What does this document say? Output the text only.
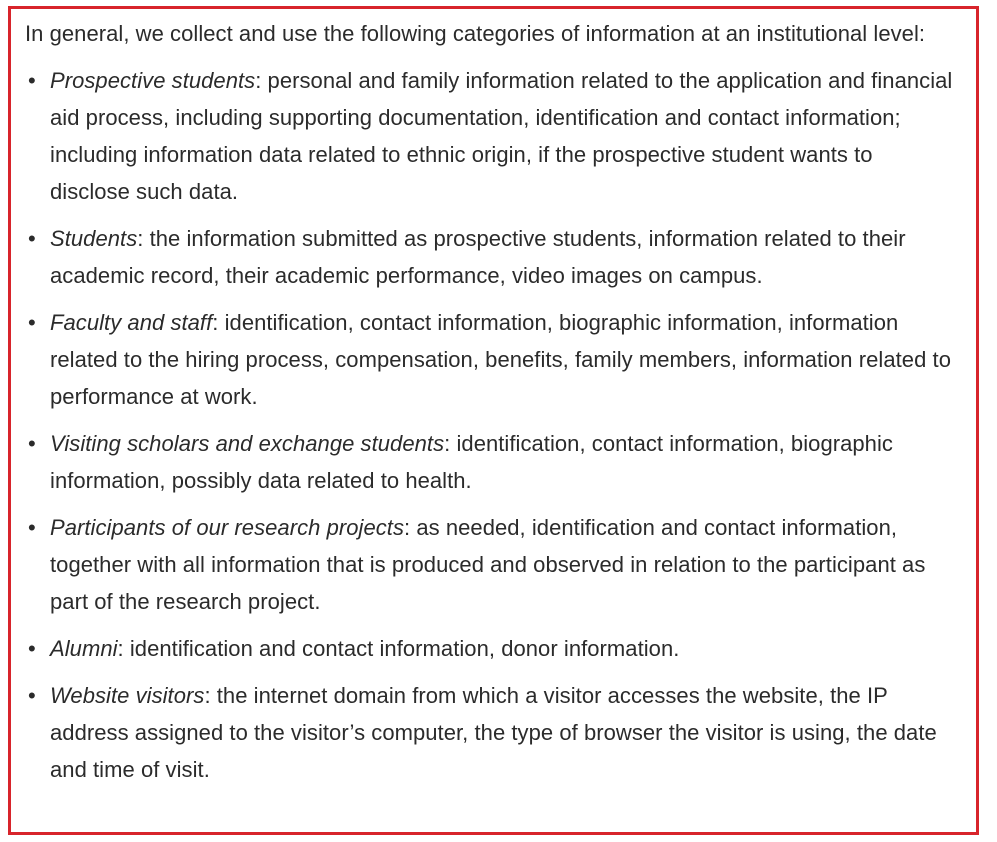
In general, we collect and use the following categories of information at an institutional level:

• Prospective students: personal and family information related to the application and financial aid process, including supporting documentation, identification and contact information; including information data related to ethnic origin, if the prospective student wants to disclose such data.
• Students: the information submitted as prospective students, information related to their academic record, their academic performance, video images on campus.
• Faculty and staff: identification, contact information, biographic information, information related to the hiring process, compensation, benefits, family members, information related to performance at work.
• Visiting scholars and exchange students: identification, contact information, biographic information, possibly data related to health.
• Participants of our research projects: as needed, identification and contact information, together with all information that is produced and observed in relation to the participant as part of the research project.
• Alumni: identification and contact information, donor information.
• Website visitors: the internet domain from which a visitor accesses the website, the IP address assigned to the visitor’s computer, the type of browser the visitor is using, the date and time of visit.
